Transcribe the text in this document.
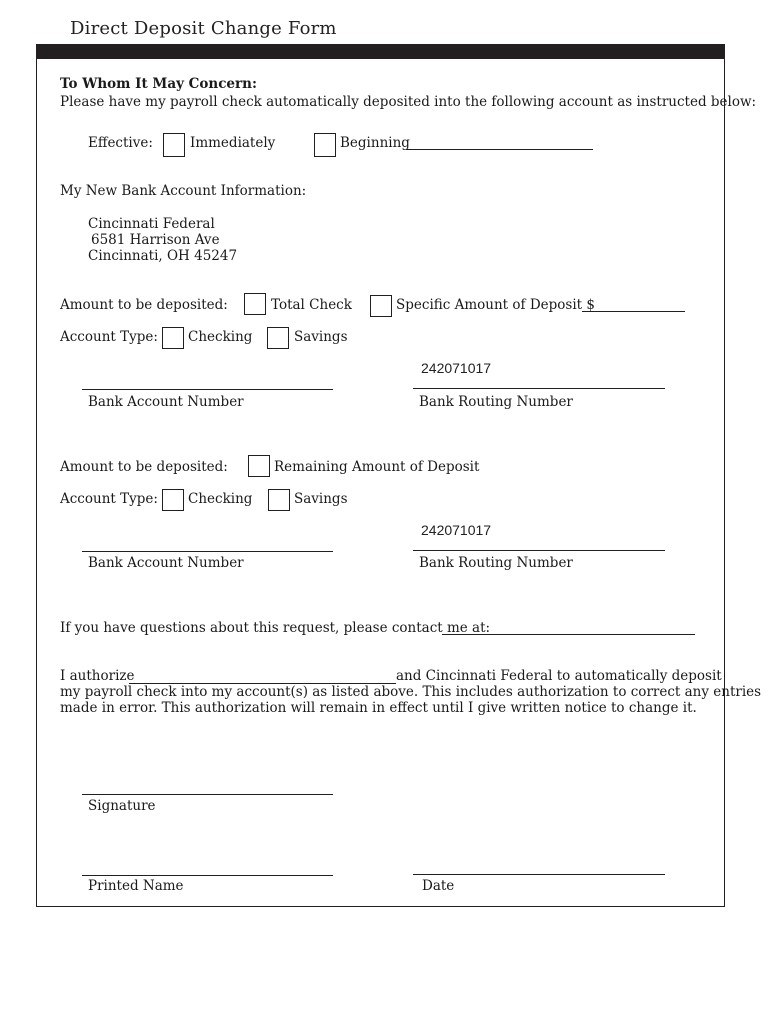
Direct Deposit Change Form
To Whom It May Concern:
Please have my payroll check automatically deposited into the following account as instructed below:
Effective:	Immediately	Beginning
My New Bank Account Information:
Cincinnati Federal
6581 Harrison Ave
Cincinnati, OH 45247
Amount to be deposited:	Total Check	Specific Amount of Deposit $
Account Type: Checking	Savings
242071017
Bank Account Number	Bank Routing Number
Amount to be deposited:	Remaining Amount of Deposit
Account Type: Checking	Savings
242071017
Bank Account Number	Bank Routing Number
If you have questions about this request, please contact me at:
I authorize	and Cincinnati Federal to automatically deposit
my payroll check into my account(s) as listed above. This includes authorization to correct any entries
made in error. This authorization will remain in effect until I give written notice to change it.
Signature
Printed Name	Date
